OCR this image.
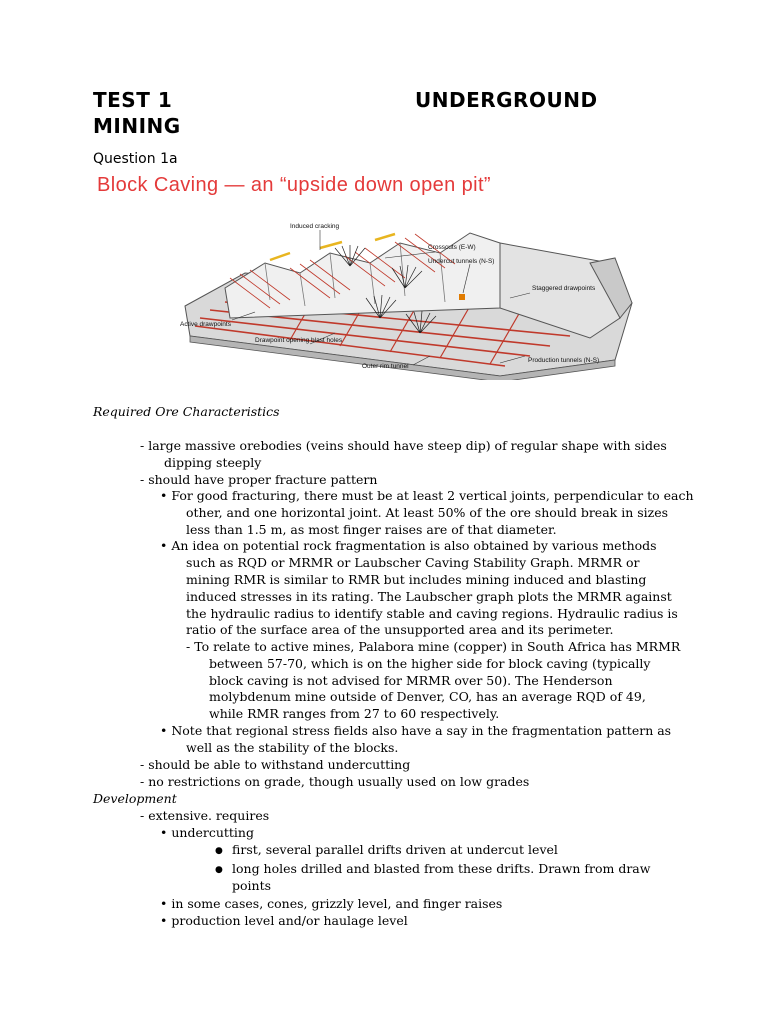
TEST 1	UNDERGROUND
MINING
Question 1a
Block Caving — an “upside down open pit”
Induced cracking
Crosscuts (E-W)
Undercut tunnels (N-S)
Active drawpoints
Staggered drawpoints
Drawpoint opening blast holes
Outer rim tunnel
Production tunnels (N-S)
Required Ore Characteristics
- large massive orebodies (veins should have steep dip) of regular shape with sides
dipping steeply
- should have proper fracture pattern
• For good fracturing, there must be at least 2 vertical joints, perpendicular to each
other, and one horizontal joint. At least 50% of the ore should break in sizes
less than 1.5 m, as most finger raises are of that diameter.
• An idea on potential rock fragmentation is also obtained by various methods
such as RQD or MRMR or Laubscher Caving Stability Graph. MRMR or
mining RMR is similar to RMR but includes mining induced and blasting
induced stresses in its rating. The Laubscher graph plots the MRMR against
the hydraulic radius to identify stable and caving regions. Hydraulic radius is
ratio of the surface area of the unsupported area and its perimeter.
- To relate to active mines, Palabora mine (copper) in South Africa has MRMR
between 57-70, which is on the higher side for block caving (typically
block caving is not advised for MRMR over 50). The Henderson
molybdenum mine outside of Denver, CO, has an average RQD of 49,
while RMR ranges from 27 to 60 respectively.
• Note that regional stress fields also have a say in the fragmentation pattern as
well as the stability of the blocks.
- should be able to withstand undercutting
- no restrictions on grade, though usually used on low grades
Development
- extensive. requires
• undercutting
● first, several parallel drifts driven at undercut level
● long holes drilled and blasted from these drifts. Drawn from draw
points
• in some cases, cones, grizzly level, and finger raises
• production level and/or haulage level
